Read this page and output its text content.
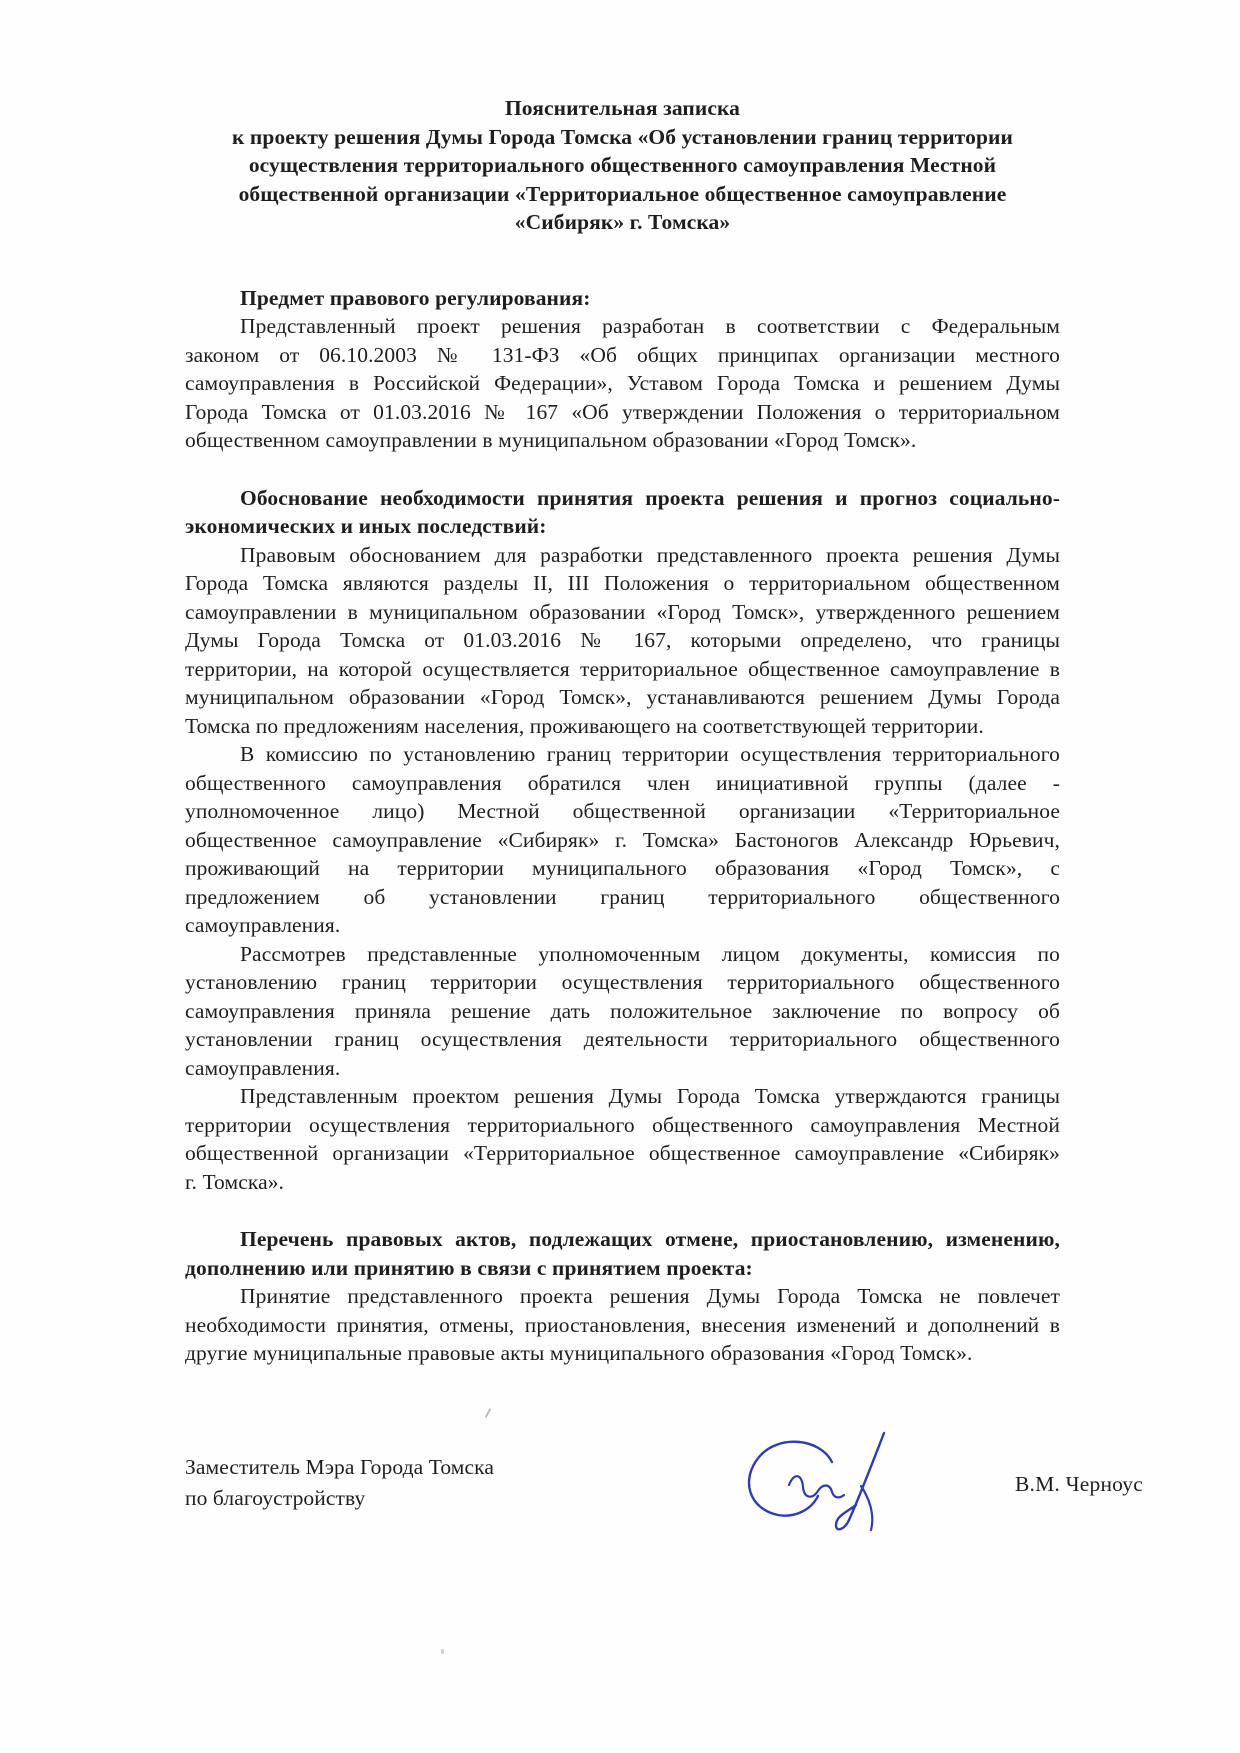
Пояснительная записка
к проекту решения Думы Города Томска «Об установлении границ территории
осуществления территориального общественного самоуправления Местной
общественной организации «Территориальное общественное самоуправление
«Сибиряк» г. Томска»
Предмет правового регулирования:
Представленный проект решения разработан в соответствии с Федеральным
законом от 06.10.2003 № 131-ФЗ «Об общих принципах организации местного
самоуправления в Российской Федерации», Уставом Города Томска и решением Думы
Города Томска от 01.03.2016 № 167 «Об утверждении Положения о территориальном
общественном самоуправлении в муниципальном образовании «Город Томск».
Обоснование необходимости принятия проекта решения и прогноз социально-
экономических и иных последствий:
Правовым обоснованием для разработки представленного проекта решения Думы
Города Томска являются разделы II, III Положения о территориальном общественном
самоуправлении в муниципальном образовании «Город Томск», утвержденного решением
Думы Города Томска от 01.03.2016 № 167, которыми определено, что границы
территории, на которой осуществляется территориальное общественное самоуправление в
муниципальном образовании «Город Томск», устанавливаются решением Думы Города
Томска по предложениям населения, проживающего на соответствующей территории.
В комиссию по установлению границ территории осуществления территориального
общественного самоуправления обратился член инициативной группы (далее -
уполномоченное лицо) Местной общественной организации «Территориальное
общественное самоуправление «Сибиряк» г. Томска» Бастоногов Александр Юрьевич,
проживающий на территории муниципального образования «Город Томск», с
предложением об установлении границ территориального общественного
самоуправления.
Рассмотрев представленные уполномоченным лицом документы, комиссия по
установлению границ территории осуществления территориального общественного
самоуправления приняла решение дать положительное заключение по вопросу об
установлении границ осуществления деятельности территориального общественного
самоуправления.
Представленным проектом решения Думы Города Томска утверждаются границы
территории осуществления территориального общественного самоуправления Местной
общественной организации «Территориальное общественное самоуправление «Сибиряк»
г. Томска».
Перечень правовых актов, подлежащих отмене, приостановлению, изменению,
дополнению или принятию в связи с принятием проекта:
Принятие представленного проекта решения Думы Города Томска не повлечет
необходимости принятия, отмены, приостановления, внесения изменений и дополнений в
другие муниципальные правовые акты муниципального образования «Город Томск».
Заместитель Мэра Города Томска
по благоустройству
В.М. Черноус
